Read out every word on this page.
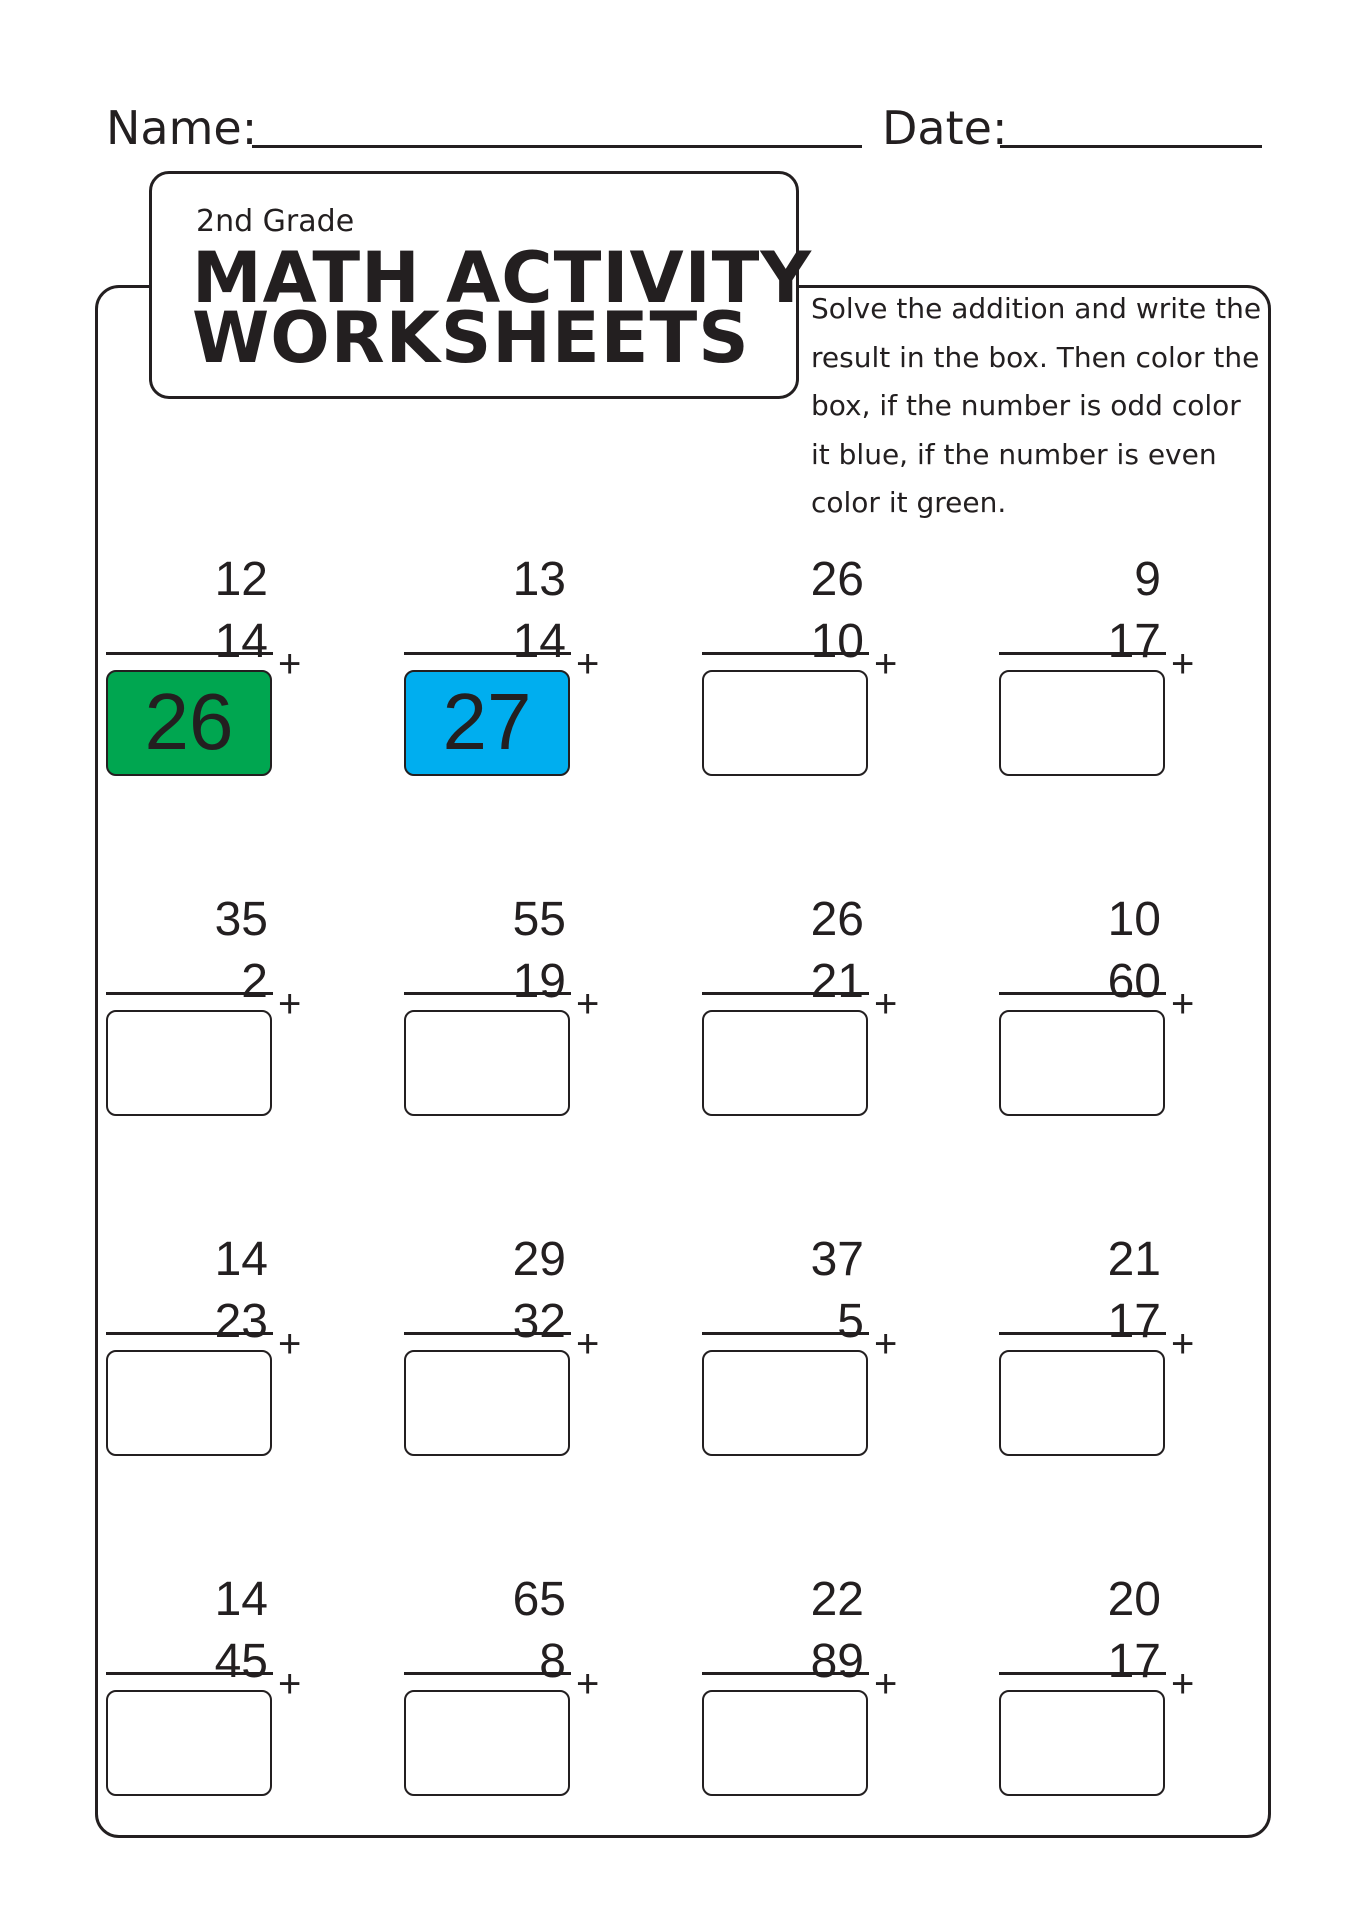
Name:	Date:
2nd Grade
MATH ACTIVITY
WORKSHEETS Solve the addition and write the result in the box. Then color the box, if the number is odd color it blue, if the number is even color it green.
12
14 +
26
13
14 +
27
26
10 +
9
17 +
35
2 +
55
19 +
26
21 +
10
60 +
14
23 +
29
32 +
37
5 +
21
17 +
14
45 +
65
8 +
22
89 +
20
17 +
